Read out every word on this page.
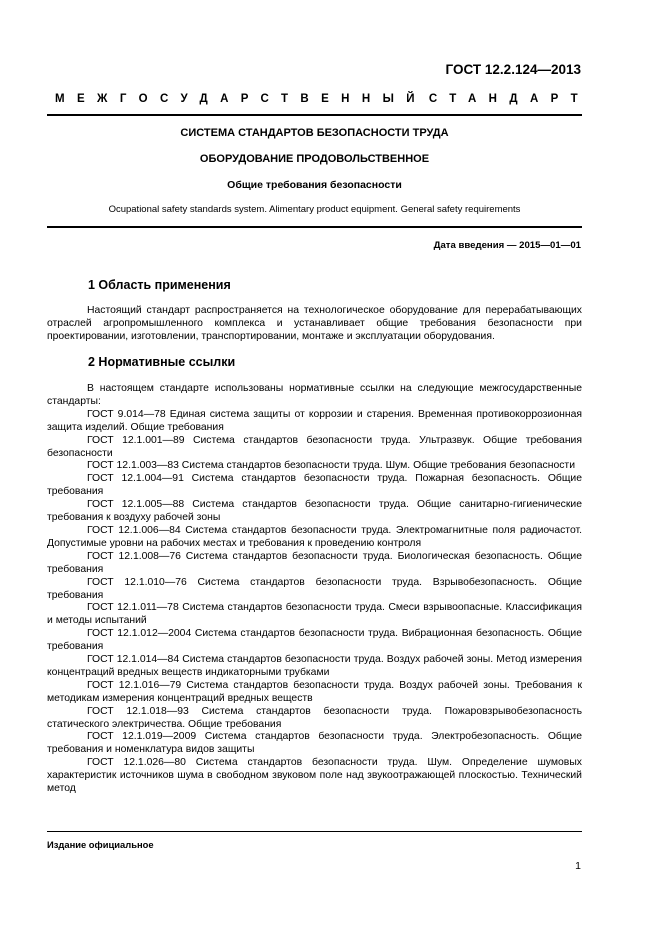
ГОСТ 12.2.124—2013
МЕЖГОСУДАРСТВЕННЫЙ СТАНДАРТ
СИСТЕМА СТАНДАРТОВ БЕЗОПАСНОСТИ ТРУДА
ОБОРУДОВАНИЕ ПРОДОВОЛЬСТВЕННОЕ
Общие требования безопасности
Ocupational safety standards system. Alimentary product equipment. General safety requirements
Дата введения — 2015—01—01
1 Область применения

Настоящий стандарт распространяется на технологическое оборудование для перерабатывающих отраслей агропромышленного комплекса и устанавливает общие требования безопасности при проектировании, изготовлении, транспортировании, монтаже и эксплуатации оборудования.

2 Нормативные ссылки

В настоящем стандарте использованы нормативные ссылки на следующие межгосударственные стандарты:

ГОСТ 9.014—78 Единая система защиты от коррозии и старения. Временная противокоррозионная защита изделий. Общие требования

ГОСТ 12.1.001—89 Система стандартов безопасности труда. Ультразвук. Общие требования безопасности

ГОСТ 12.1.003—83 Система стандартов безопасности труда. Шум. Общие требования безопасности

ГОСТ 12.1.004—91 Система стандартов безопасности труда. Пожарная безопасность. Общие требования

ГОСТ 12.1.005—88 Система стандартов безопасности труда. Общие санитарно-гигиенические требования к воздуху рабочей зоны

ГОСТ 12.1.006—84 Система стандартов безопасности труда. Электромагнитные поля радиочастот. Допустимые уровни на рабочих местах и требования к проведению контроля

ГОСТ 12.1.008—76 Система стандартов безопасности труда. Биологическая безопасность. Общие требования

ГОСТ 12.1.010—76 Система стандартов безопасности труда. Взрывобезопасность. Общие требования

ГОСТ 12.1.011—78 Система стандартов безопасности труда. Смеси взрывоопасные. Классификация и методы испытаний

ГОСТ 12.1.012—2004 Система стандартов безопасности труда. Вибрационная безопасность. Общие требования

ГОСТ 12.1.014—84 Система стандартов безопасности труда. Воздух рабочей зоны. Метод измерения концентраций вредных веществ индикаторными трубками

ГОСТ 12.1.016—79 Система стандартов безопасности труда. Воздух рабочей зоны. Требования к методикам измерения концентраций вредных веществ

ГОСТ 12.1.018—93 Система стандартов безопасности труда. Пожаровзрывобезопасность статического электричества. Общие требования

ГОСТ 12.1.019—2009 Система стандартов безопасности труда. Электробезопасность. Общие требования и номенклатура видов защиты

ГОСТ 12.1.026—80 Система стандартов безопасности труда. Шум. Определение шумовых характеристик источников шума в свободном звуковом поле над звукоотражающей плоскостью. Технический метод

Издание официальное
1
